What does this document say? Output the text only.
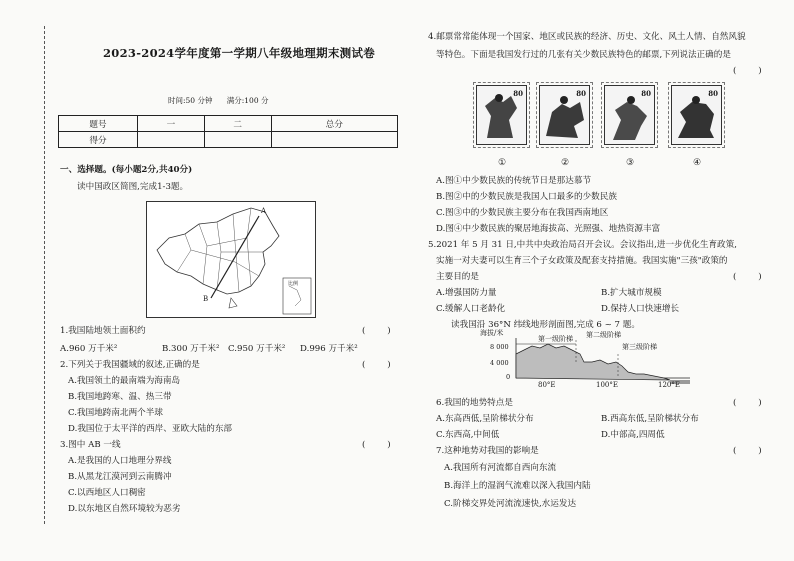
2023-2024学年度第一学期八年级地理期末测试卷
时间:50 分钟      满分:100 分
题号	一	二	总分
得分			
一、选择题。(每小题2分,共40分)
读中国政区简图,完成1-3题。
A
B
比例
1.我国陆地领土面积约	(        )
A.960 万千米²	B.300 万千米² C.950 万千米² D.996 万千米²
2.下列关于我国疆域的叙述,正确的是	(        )
A.我国领土的最南端为海南岛
B.我国地跨寒、温、热三带
C.我国地跨南北两个半球
D.我国位于太平洋的西岸、亚欧大陆的东部
3.图中 AB 一线	(        )
A.是我国的人口地理分界线
B.从黑龙江漠河到云南腾冲
C.以西地区人口稠密
D.以东地区自然环境较为恶劣
4.邮票常常能体现一个国家、地区或民族的经济、历史、文化、风土人情、自然风貌
等特色。下面是我国发行过的几张有关少数民族特色的邮票,下列说法正确的是
(        )
80	80	80	80
①	②	③	④
A.图①中少数民族的传统节日是那达慕节
B.图②中的少数民族是我国人口最多的少数民族
C.图③中的少数民族主要分布在我国西南地区
D.图④中少数民族的聚居地海拔高、光照强、地热资源丰富
5.2021 年 5 月 31 日,中共中央政治局召开会议。会议指出,进一步优化生育政策,
实施一对夫妻可以生育三个子女政策及配套支持措施。我国实施"三孩"政策的
主要目的是	(        )
A.增强国防力量	B.扩大城市规模
C.缓解人口老龄化	D.保持人口快速增长
读我国沿 36°N 纬线地形剖面图,完成 6 ~ 7 题。
海拔/米
8 000
4 000
0
第一级阶梯 第二级阶梯
第三级阶梯
80°E	100°E	120°E
6.我国的地势特点是	(        )
A.东高西低,呈阶梯状分布	B.西高东低,呈阶梯状分布
C.东西高,中间低	D.中部高,四周低
7.这种地势对我国的影响是	(        )
A.我国所有河流都自西向东流
B.海洋上的湿润气流难以深入我国内陆
C.阶梯交界处河流流速快,水运发达
